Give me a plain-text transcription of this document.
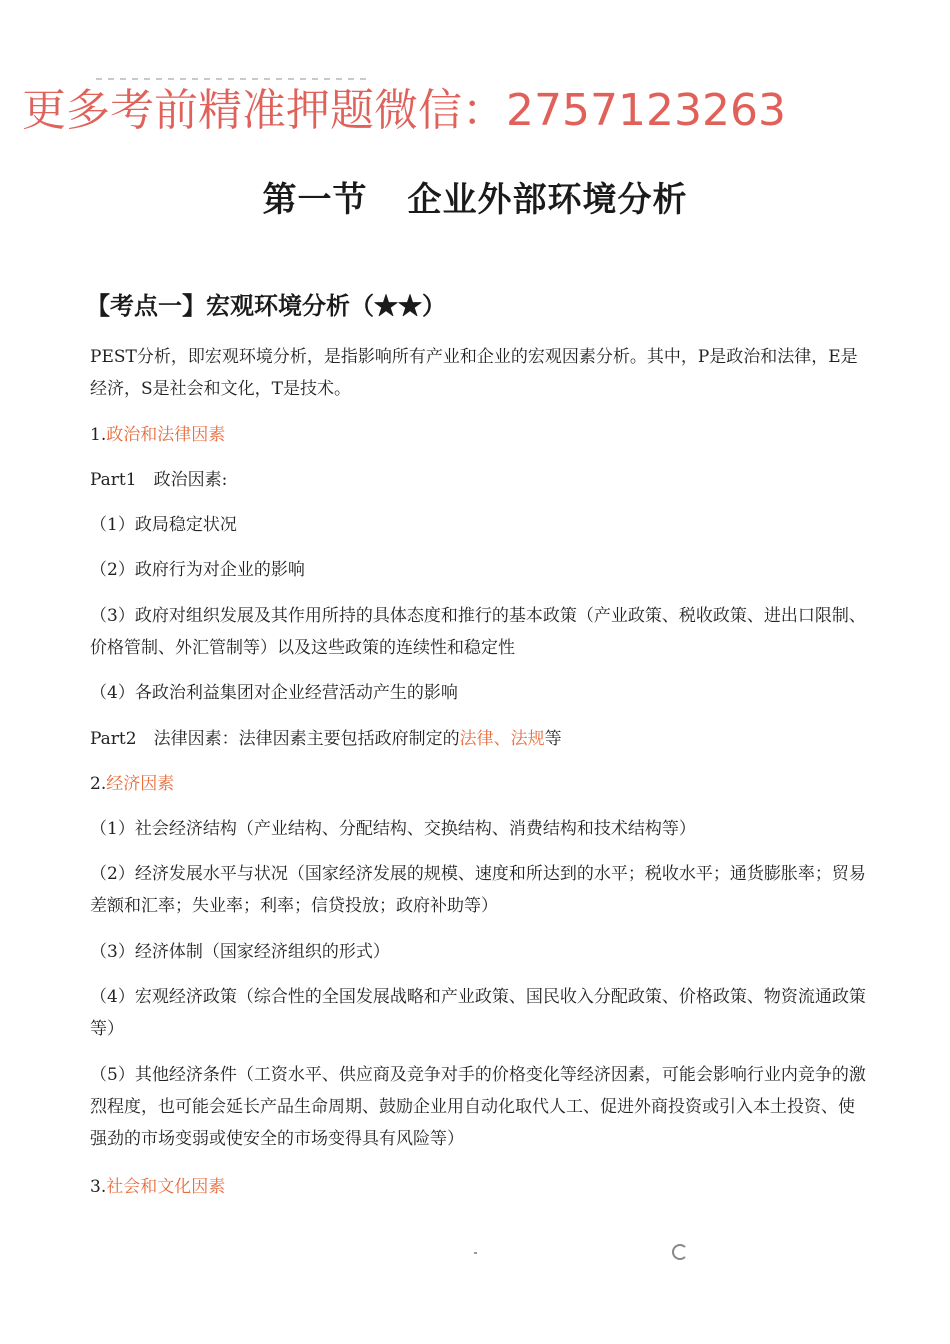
更多考前精准押题微信：2757123263
第一节 企业外部环境分析
【考点一】宏观环境分析（★★）
PEST分析，即宏观环境分析，是指影响所有产业和企业的宏观因素分析。其中，P是政治和法律，E是经济，S是社会和文化，T是技术。
1.政治和法律因素
Part1　政治因素:
（1）政局稳定状况
（2）政府行为对企业的影响
（3）政府对组织发展及其作用所持的具体态度和推行的基本政策（产业政策、税收政策、进出口限制、价格管制、外汇管制等）以及这些政策的连续性和稳定性
（4）各政治利益集团对企业经营活动产生的影响
Part2　法律因素：法律因素主要包括政府制定的法律、法规等
2.经济因素
（1）社会经济结构（产业结构、分配结构、交换结构、消费结构和技术结构等）
（2）经济发展水平与状况（国家经济发展的规模、速度和所达到的水平；税收水平；通货膨胀率；贸易差额和汇率；失业率；利率；信贷投放；政府补助等）
（3）经济体制（国家经济组织的形式）
（4）宏观经济政策（综合性的全国发展战略和产业政策、国民收入分配政策、价格政策、物资流通政策等）
（5）其他经济条件（工资水平、供应商及竞争对手的价格变化等经济因素，可能会影响行业内竞争的激烈程度，也可能会延长产品生命周期、鼓励企业用自动化取代人工、促进外商投资或引入本土投资、使强劲的市场变弱或使安全的市场变得具有风险等）
3.社会和文化因素
